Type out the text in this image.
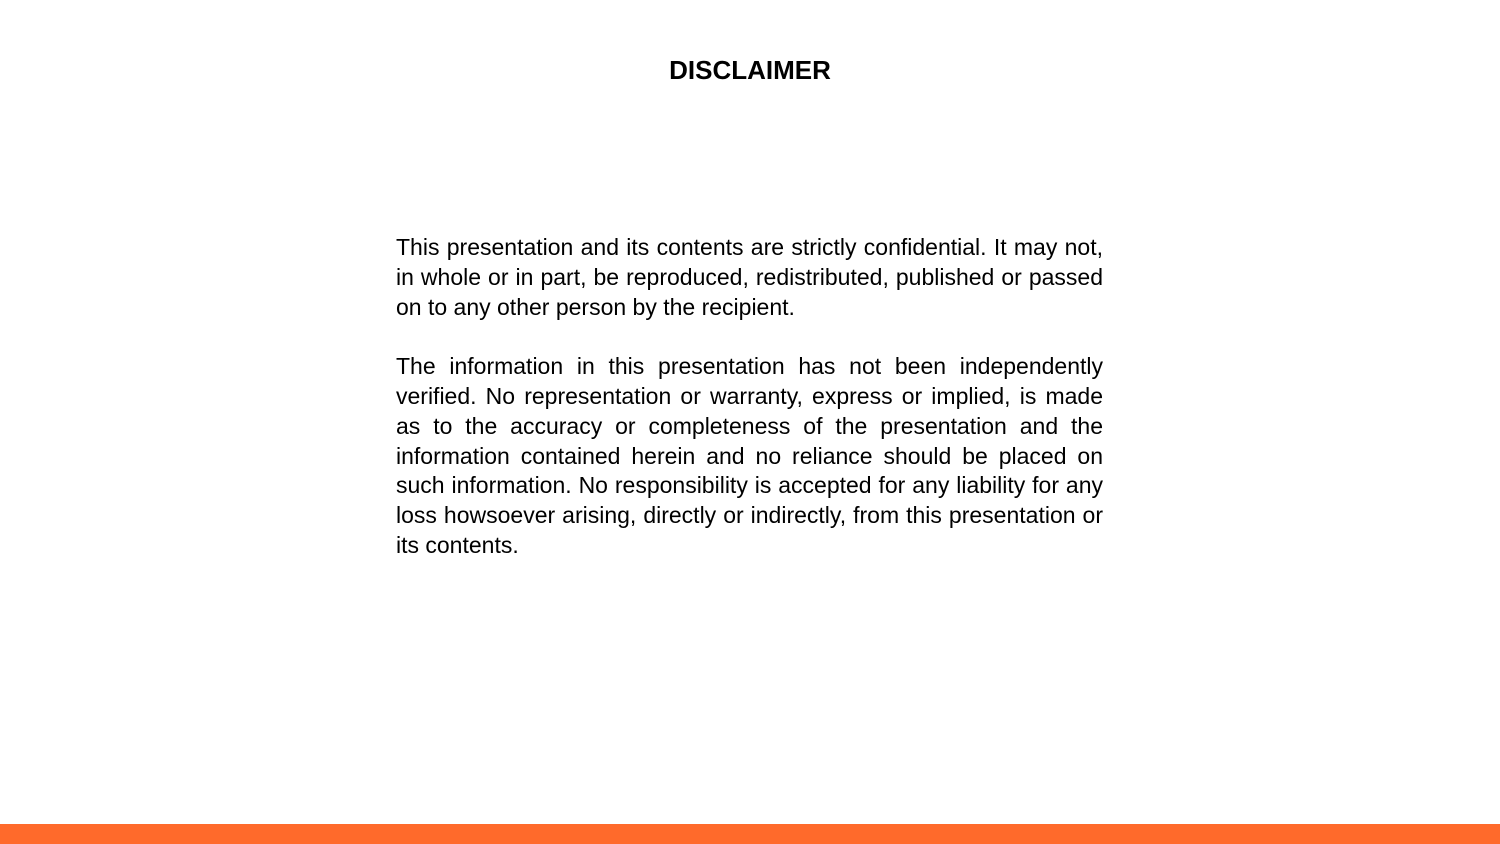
DISCLAIMER

This presentation and its contents are strictly confidential. It may not, in whole or in part, be reproduced, redistributed, published or passed on to any other person by the recipient.

The information in this presentation has not been independently verified. No representation or warranty, express or implied, is made as to the accuracy or completeness of the presentation and the information contained herein and no reliance should be placed on such information. No responsibility is accepted for any liability for any loss howsoever arising, directly or indirectly, from this presentation or its contents.
